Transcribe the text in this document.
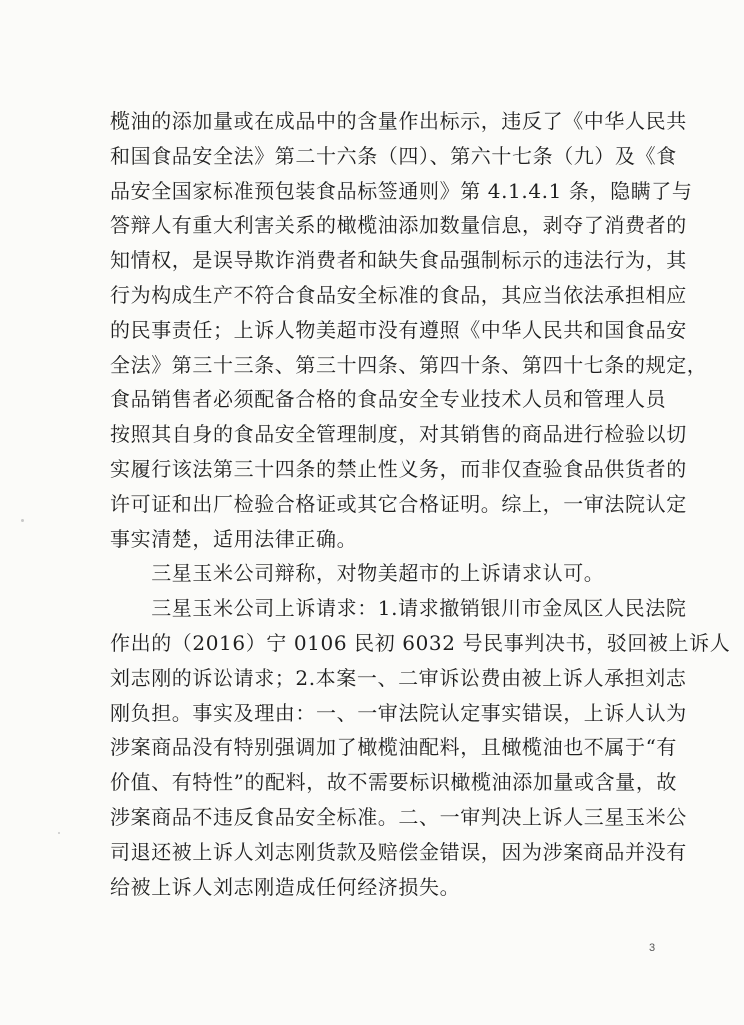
榄油的添加量或在成品中的含量作出标示，违反了《中华人民共
和国食品安全法》第二十六条（四）、第六十七条（九）及《食
品安全国家标准预包装食品标签通则》第 4.1.4.1 条，隐瞒了与
答辩人有重大利害关系的橄榄油添加数量信息，剥夺了消费者的
知情权，是误导欺诈消费者和缺失食品强制标示的违法行为，其
行为构成生产不符合食品安全标准的食品，其应当依法承担相应
的民事责任；上诉人物美超市没有遵照《中华人民共和国食品安
全法》第三十三条、第三十四条、第四十条、第四十七条的规定，
食品销售者必须配备合格的食品安全专业技术人员和管理人员
按照其自身的食品安全管理制度，对其销售的商品进行检验以切
实履行该法第三十四条的禁止性义务，而非仅查验食品供货者的
许可证和出厂检验合格证或其它合格证明。综上，一审法院认定
事实清楚，适用法律正确。
　　三星玉米公司辩称，对物美超市的上诉请求认可。
　　三星玉米公司上诉请求：1.请求撤销银川市金凤区人民法院
作出的（2016）宁 0106 民初 6032 号民事判决书，驳回被上诉人
刘志刚的诉讼请求；2.本案一、二审诉讼费由被上诉人承担刘志
刚负担。事实及理由：一、一审法院认定事实错误，上诉人认为
涉案商品没有特别强调加了橄榄油配料，且橄榄油也不属于“有
价值、有特性”的配料，故不需要标识橄榄油添加量或含量，故
涉案商品不违反食品安全标准。二、一审判决上诉人三星玉米公
司退还被上诉人刘志刚货款及赔偿金错误，因为涉案商品并没有
给被上诉人刘志刚造成任何经济损失。
3
